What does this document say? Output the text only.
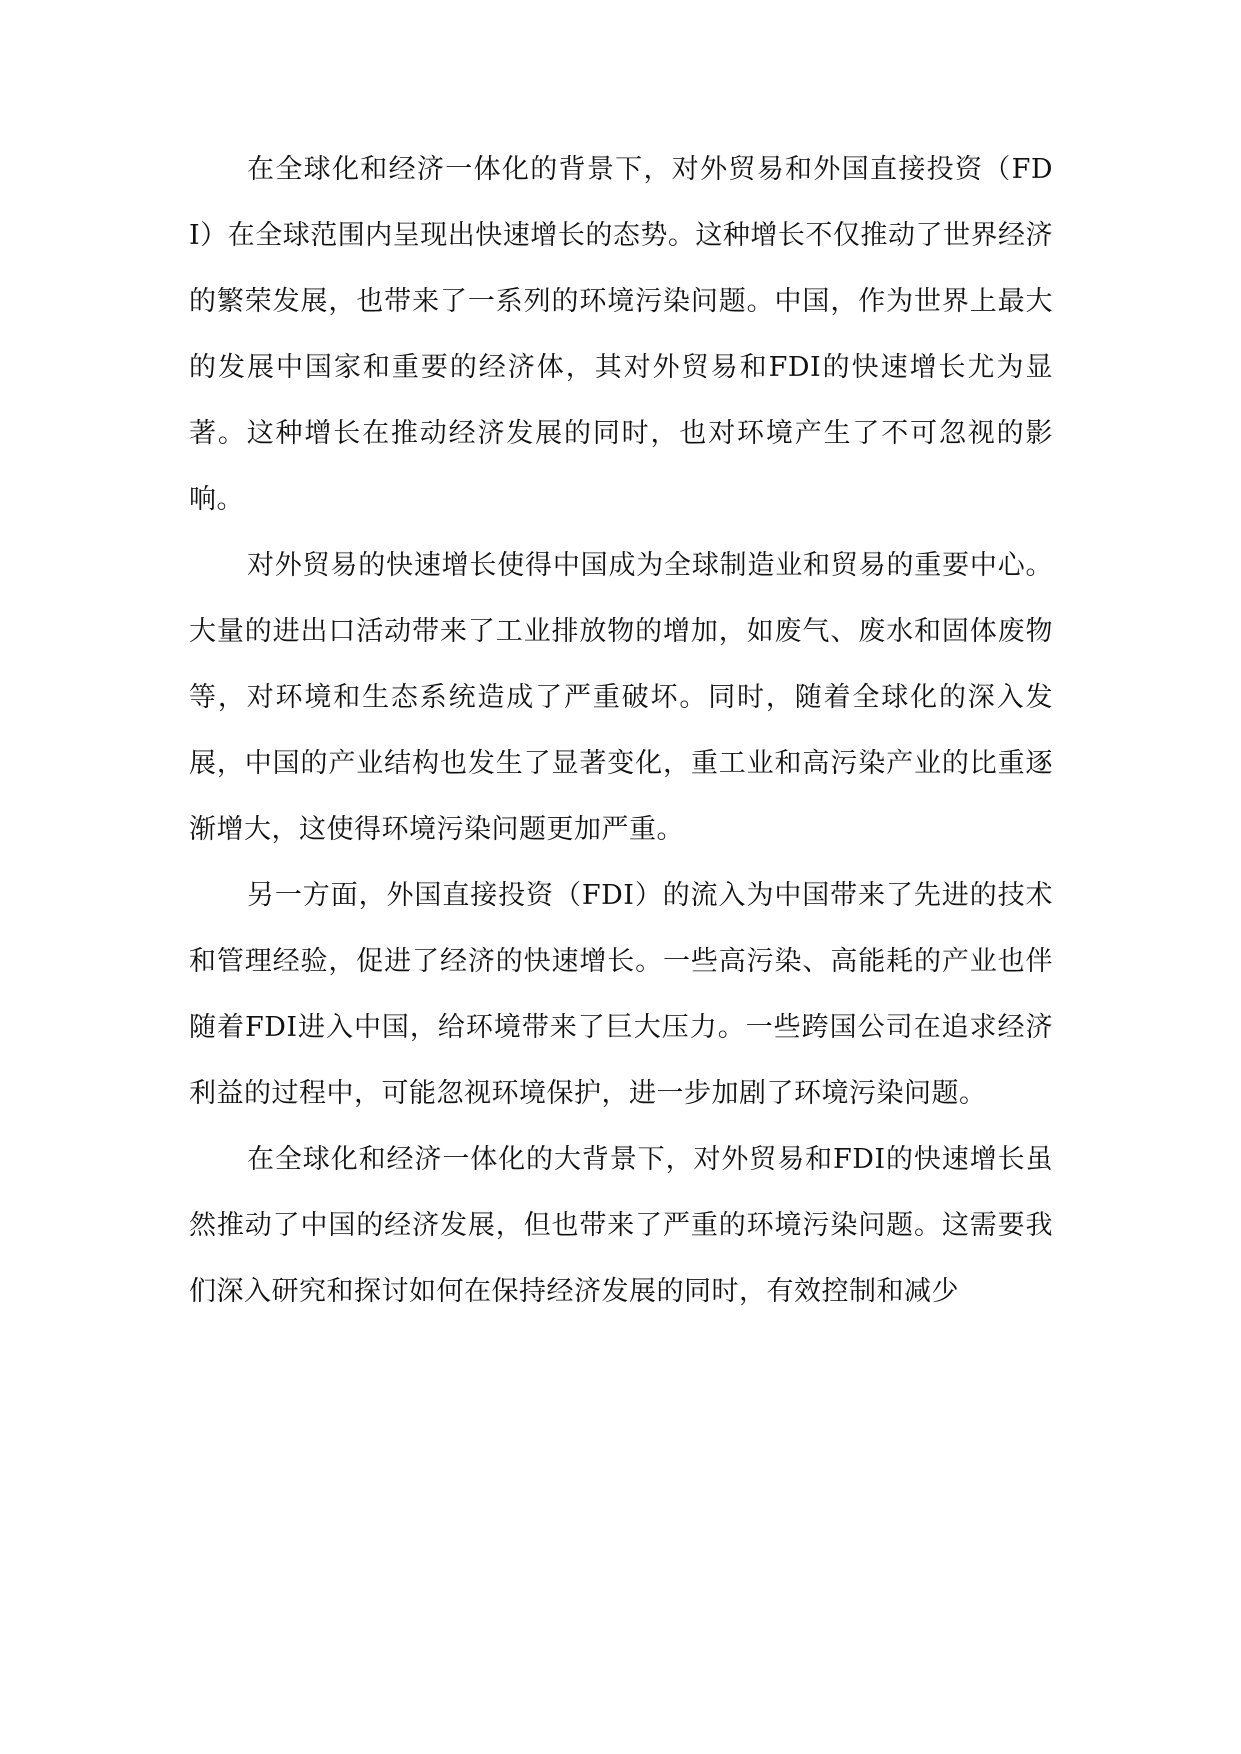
在全球化和经济一体化的背景下，对外贸易和外国直接投资（FDI）在全球范围内呈现出快速增长的态势。这种增长不仅推动了世界经济的繁荣发展，也带来了一系列的环境污染问题。中国，作为世界上最大的发展中国家和重要的经济体，其对外贸易和FDI的快速增长尤为显著。这种增长在推动经济发展的同时，也对环境产生了不可忽视的影响。

对外贸易的快速增长使得中国成为全球制造业和贸易的重要中心。大量的进出口活动带来了工业排放物的增加，如废气、废水和固体废物等，对环境和生态系统造成了严重破坏。同时，随着全球化的深入发展，中国的产业结构也发生了显著变化，重工业和高污染产业的比重逐渐增大，这使得环境污染问题更加严重。

另一方面，外国直接投资（FDI）的流入为中国带来了先进的技术和管理经验，促进了经济的快速增长。一些高污染、高能耗的产业也伴随着FDI进入中国，给环境带来了巨大压力。一些跨国公司在追求经济利益的过程中，可能忽视环境保护，进一步加剧了环境污染问题。

在全球化和经济一体化的大背景下，对外贸易和FDI的快速增长虽然推动了中国的经济发展，但也带来了严重的环境污染问题。这需要我们深入研究和探讨如何在保持经济发展的同时，有效控制和减少
